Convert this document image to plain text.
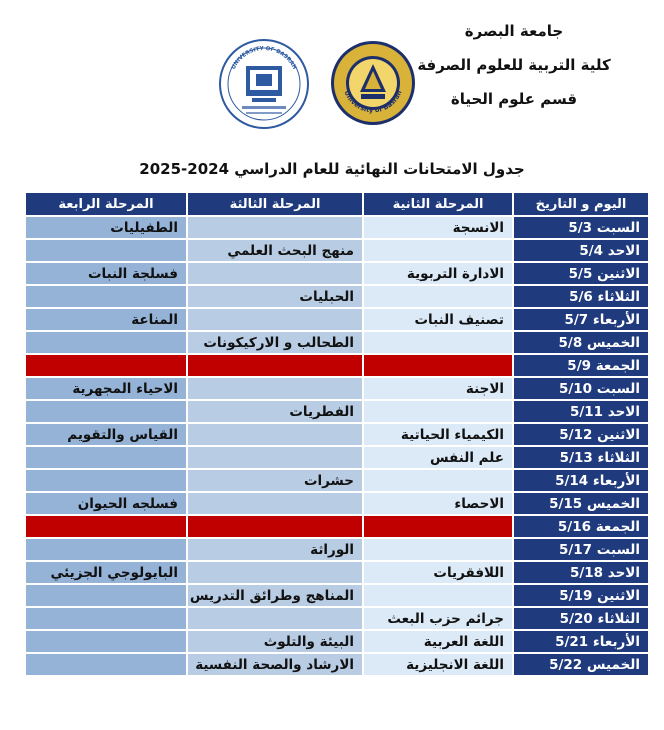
جامعة البصرة
كلية التربية للعلوم الصرفة
قسم علوم الحياة
University of Basrah
UNIVERSITY OF BASRAH
جدول الامتحانات النهائية للعام الدراسي 2024-2025
اليوم و التاريخ	المرحلة الثانية	المرحلة الثالثة	المرحلة الرابعة
السبت 5/3	الانسجة		الطفيليات
الاحد 5/4		منهج البحث العلمي	
الاثنين 5/5	الادارة التربوية		فسلجة النبات
الثلاثاء 5/6		الحبليات	
الأربعاء 5/7	تصنيف النبات		المناعة
الخميس 5/8		الطحالب و الاركيكونات	
الجمعة 5/9			
السبت 5/10	الاجنة		الاحياء المجهرية
الاحد 5/11		الفطريات	
الاثنين 5/12	الكيمياء الحياتية		القياس والتقويم
الثلاثاء 5/13	علم النفس		
الأربعاء 5/14		حشرات	
الخميس 5/15	الاحصاء		فسلجه الحيوان
الجمعة 5/16			
السبت 5/17		الوراثة	
الاحد 5/18	اللافقريات		البايولوجي الجزيئي
الاثنين 5/19		المناهج وطرائق التدريس	
الثلاثاء 5/20	جرائم حزب البعث		
الأربعاء 5/21	اللغة العربية	البيئة والتلوث	
الخميس 5/22	اللغة الانجليزية	الارشاد والصحة النفسية	
